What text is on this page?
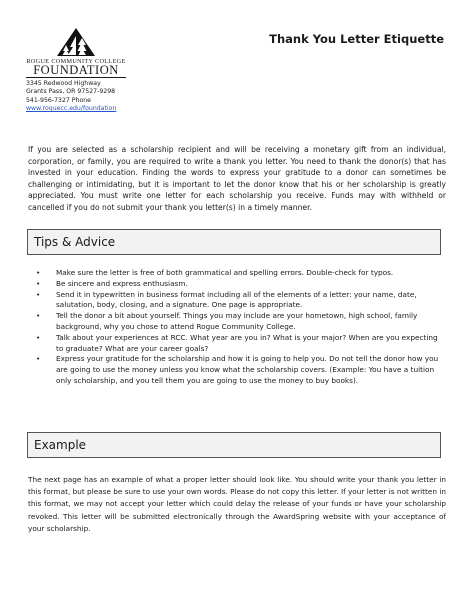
ROGUE COMMUNITY COLLEGE
FOUNDATION
3345 Redwood Highway
Grants Pass, OR 97527-9298
541-956-7327 Phone
www.roguecc.edu/foundation
Thank You Letter Etiquette
If you are selected as a scholarship recipient and will be receiving a monetary gift from an individual, corporation, or family, you are required to write a thank you letter. You need to thank the donor(s) that has invested in your education. Finding the words to express your gratitude to a donor can sometimes be challenging or intimidating, but it is important to let the donor know that his or her scholarship is greatly appreciated. You must write one letter for each scholarship you receive. Funds may with withheld or cancelled if you do not submit your thank you letter(s) in a timely manner.
Tips & Advice
• Make sure the letter is free of both grammatical and spelling errors. Double-check for typos.
• Be sincere and express enthusiasm.
• Send it in typewritten in business format including all of the elements of a letter: your name, date, salutation, body, closing, and a signature. One page is appropriate.
• Tell the donor a bit about yourself. Things you may include are your hometown, high school, family background, why you chose to attend Rogue Community College.
• Talk about your experiences at RCC. What year are you in? What is your major? When are you expecting to graduate? What are your career goals?
• Express your gratitude for the scholarship and how it is going to help you. Do not tell the donor how you are going to use the money unless you know what the scholarship covers. (Example: You have a tuition only scholarship, and you tell them you are going to use the money to buy books).
Example
The next page has an example of what a proper letter should look like. You should write your thank you letter in this format, but please be sure to use your own words. Please do not copy this letter. If your letter is not written in this format, we may not accept your letter which could delay the release of your funds or have your scholarship revoked. This letter will be submitted electronically through the AwardSpring website with your acceptance of your scholarship.
